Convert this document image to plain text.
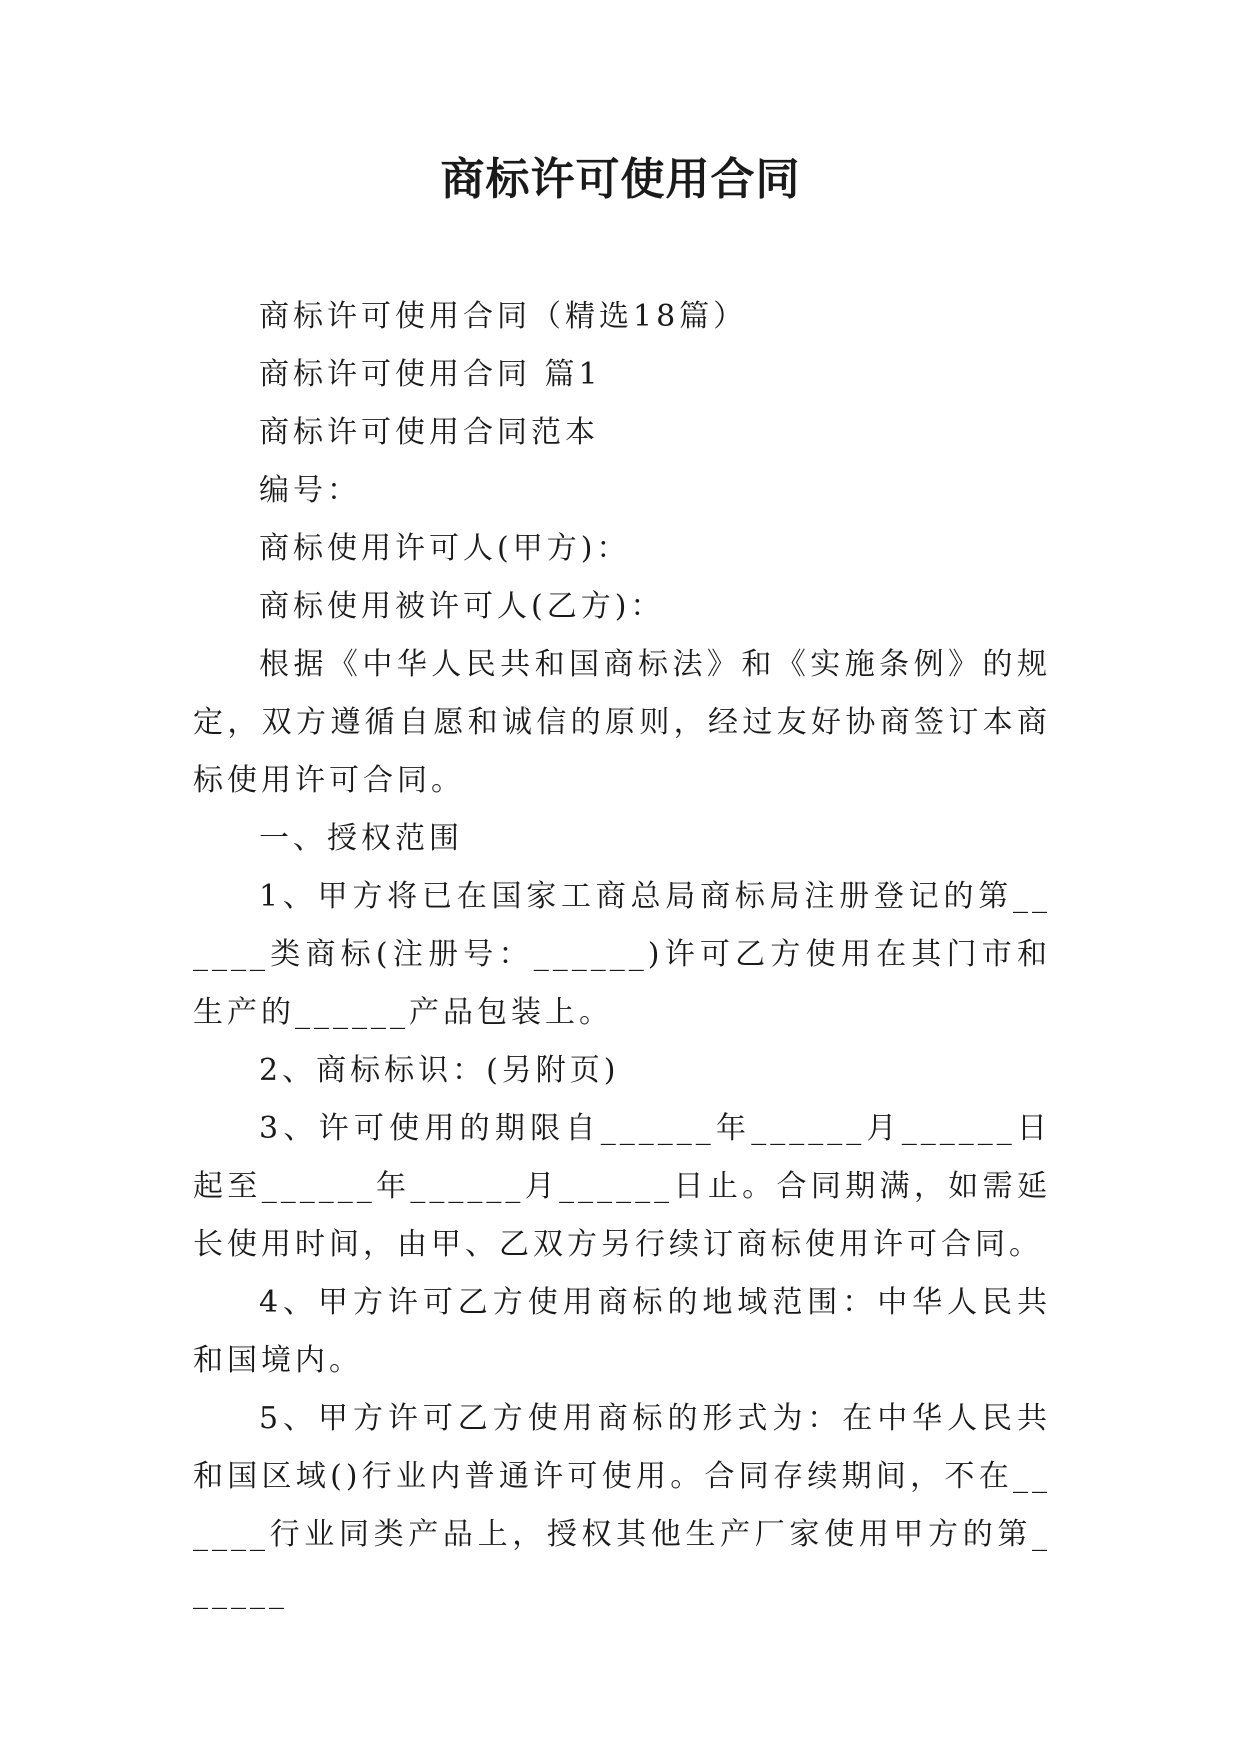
商标许可使用合同

商标许可使用合同（精选18篇）

商标许可使用合同 篇1

商标许可使用合同范本

编号：

商标使用许可人(甲方)：

商标使用被许可人(乙方)：

根据《中华人民共和国商标法》和《实施条例》的规定，双方遵循自愿和诚信的原则，经过友好协商签订本商标使用许可合同。

一、授权范围

1、甲方将已在国家工商总局商标局注册登记的第______类商标(注册号：______)许可乙方使用在其门市和生产的______产品包装上。

2、商标标识：(另附页)

3、许可使用的期限自______年______月______日起至______年______月______日止。合同期满，如需延长使用时间，由甲、乙双方另行续订商标使用许可合同。

4、甲方许可乙方使用商标的地域范围：中华人民共和国境内。

5、甲方许可乙方使用商标的形式为：在中华人民共和国区域()行业内普通许可使用。合同存续期间，不在______行业同类产品上，授权其他生产厂家使用甲方的第______
